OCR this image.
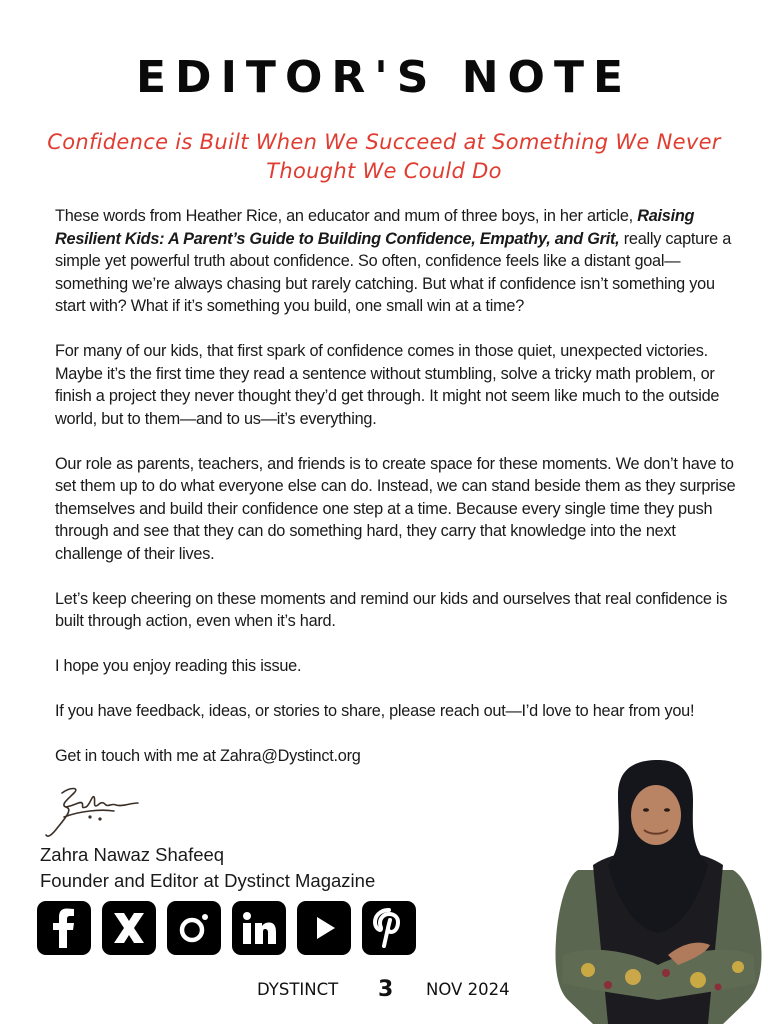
EDITOR'S NOTE
Confidence is Built When We Succeed at Something We Never Thought We Could Do

These words from Heather Rice, an educator and mum of three boys, in her article, Raising Resilient Kids: A Parent’s Guide to Building Confidence, Empathy, and Grit, really capture a simple yet powerful truth about confidence. So often, confidence feels like a distant goal—something we’re always chasing but rarely catching. But what if confidence isn’t something you start with? What if it’s something you build, one small win at a time?

For many of our kids, that first spark of confidence comes in those quiet, unexpected victories. Maybe it’s the first time they read a sentence without stumbling, solve a tricky math problem, or finish a project they never thought they’d get through. It might not seem like much to the outside world, but to them—and to us—it’s everything.

Our role as parents, teachers, and friends is to create space for these moments. We don’t have to set them up to do what everyone else can do. Instead, we can stand beside them as they surprise themselves and build their confidence one step at a time. Because every single time they push through and see that they can do something hard, they carry that knowledge into the next challenge of their lives.

Let’s keep cheering on these moments and remind our kids and ourselves that real confidence is built through action, even when it’s hard.

I hope you enjoy reading this issue.

If you have feedback, ideas, or stories to share, please reach out—I’d love to hear from you!

Get in touch with me at Zahra@Dystinct.org

Zahra Nawaz Shafeeq
Founder and Editor at Dystinct Magazine
DYSTINCT 3 NOV 2024
